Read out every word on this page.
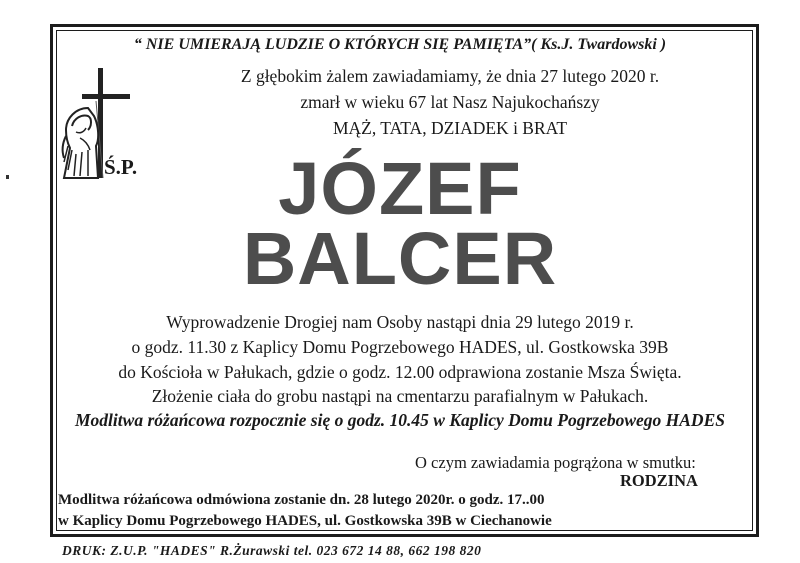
“ NIE UMIERAJĄ LUDZIE O KTÓRYCH SIĘ PAMIĘTA”( Ks.J. Twardowski )
Z głębokim żalem zawiadamiamy, że dnia 27 lutego 2020 r.
zmarł w wieku 67 lat Nasz Najukochańszy
MĄŻ, TATA, DZIADEK i BRAT
Ś.P.	JÓZEF
BALCER
Wyprowadzenie Drogiej nam Osoby nastąpi dnia 29 lutego 2019 r.
o godz. 11.30 z Kaplicy Domu Pogrzebowego HADES, ul. Gostkowska 39B
do Kościoła w Pałukach, gdzie o godz. 12.00 odprawiona zostanie Msza Święta.
Złożenie ciała do grobu nastąpi na cmentarzu parafialnym w Pałukach.
Modlitwa różańcowa rozpocznie się o godz. 10.45 w Kaplicy Domu Pogrzebowego HADES
O czym zawiadamia pogrążona w smutku:
RODZINA
Modlitwa różańcowa odmówiona zostanie dn. 28 lutego 2020r. o godz. 17..00
w Kaplicy Domu Pogrzebowego HADES, ul. Gostkowska 39B w Ciechanowie
DRUK: Z.U.P. "HADES" R.Żurawski tel. 023 672 14 88, 662 198 820
